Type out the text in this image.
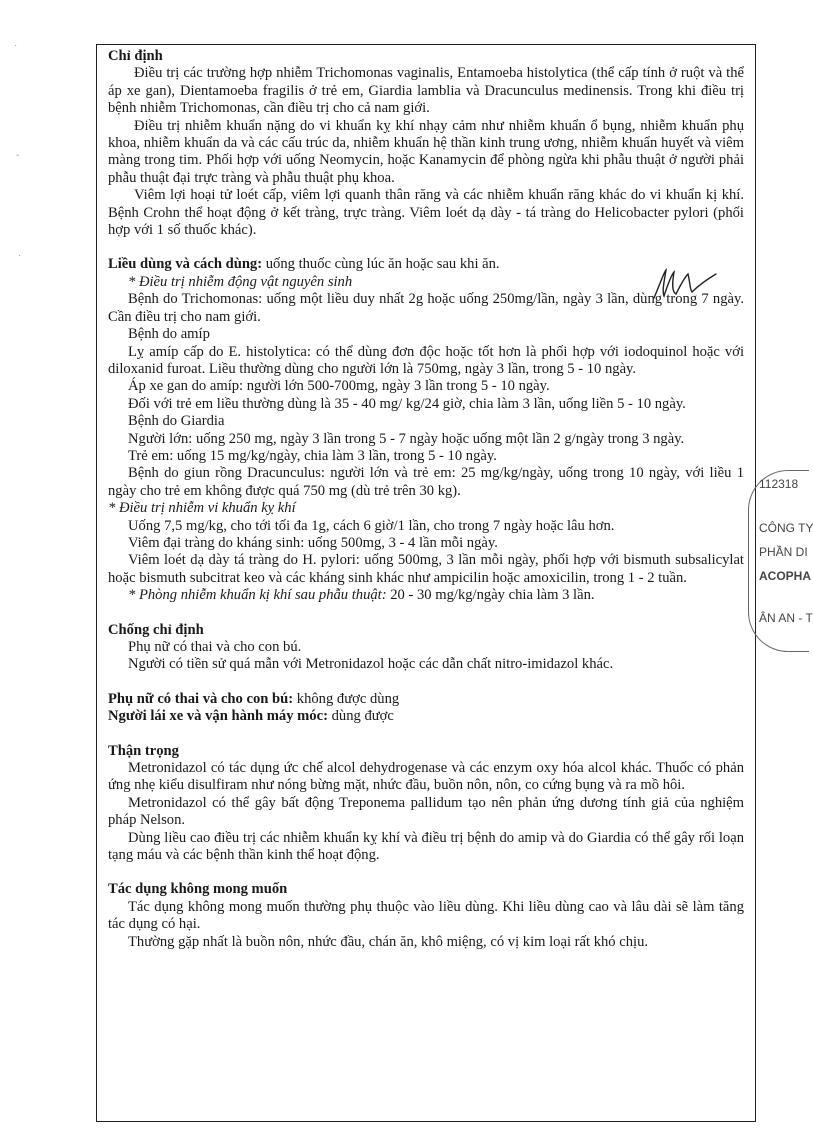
Chỉ định

Điều trị các trường hợp nhiễm Trichomonas vaginalis, Entamoeba histolytica (thể cấp tính ở ruột và thể áp xe gan), Dientamoeba fragilis ở trẻ em, Giardia lamblia và Dracunculus medinensis. Trong khi điều trị bệnh nhiễm Trichomonas, cần điều trị cho cả nam giới.

Điều trị nhiễm khuẩn nặng do vi khuẩn kỵ khí nhạy cảm như nhiễm khuẩn ổ bụng, nhiễm khuẩn phụ khoa, nhiễm khuẩn da và các cấu trúc da, nhiễm khuẩn hệ thần kinh trung ương, nhiễm khuẩn huyết và viêm màng trong tim. Phối hợp với uống Neomycin, hoặc Kanamycin để phòng ngừa khi phẫu thuật ở người phải phẫu thuật đại trực tràng và phẫu thuật phụ khoa.

Viêm lợi hoại tử loét cấp, viêm lợi quanh thân răng và các nhiễm khuẩn răng khác do vi khuẩn kị khí. Bệnh Crohn thể hoạt động ở kết tràng, trực tràng. Viêm loét dạ dày - tá tràng do Helicobacter pylori (phối hợp với 1 số thuốc khác).

Liều dùng và cách dùng: uống thuốc cùng lúc ăn hoặc sau khi ăn.

* Điều trị nhiễm động vật nguyên sinh

Bệnh do Trichomonas: uống một liều duy nhất 2g hoặc uống 250mg/lần, ngày 3 lần, dùng trong 7 ngày. Cần điều trị cho nam giới.

Bệnh do amíp

Lỵ amíp cấp do E. histolytica: có thể dùng đơn độc hoặc tốt hơn là phối hợp với iodoquinol hoặc với diloxanid furoat. Liều thường dùng cho người lớn là 750mg, ngày 3 lần, trong 5 - 10 ngày.

Áp xe gan do amíp: người lớn 500-700mg, ngày 3 lần trong 5 - 10 ngày.

Đối với trẻ em liều thường dùng là 35 - 40 mg/ kg/24 giờ, chia làm 3 lần, uống liền 5 - 10 ngày.

Bệnh do Giardia

Người lớn: uống 250 mg, ngày 3 lần trong 5 - 7 ngày hoặc uống một lần 2 g/ngày trong 3 ngày.

Trẻ em: uống 15 mg/kg/ngày, chia làm 3 lần, trong 5 - 10 ngày.

Bệnh do giun rồng Dracunculus: người lớn và trẻ em: 25 mg/kg/ngày, uống trong 10 ngày, với liều 1 ngày cho trẻ em không được quá 750 mg (dù trẻ trên 30 kg).

* Điều trị nhiễm vi khuẩn kỵ khí

Uống 7,5 mg/kg, cho tới tối đa 1g, cách 6 giờ/1 lần, cho trong 7 ngày hoặc lâu hơn.

Viêm đại tràng do kháng sinh: uống 500mg, 3 - 4 lần mỗi ngày.

Viêm loét dạ dày tá tràng do H. pylori: uống 500mg, 3 lần mỗi ngày, phối hợp với bismuth subsalicylat hoặc bismuth subcitrat keo và các kháng sinh khác như ampicilin hoặc amoxicilin, trong 1 - 2 tuần.

* Phòng nhiễm khuẩn kị khí sau phẫu thuật: 20 - 30 mg/kg/ngày chia làm 3 lần.

Chống chỉ định

Phụ nữ có thai và cho con bú.

Người có tiền sử quá mẫn với Metronidazol hoặc các dẫn chất nitro-imidazol khác.

Phụ nữ có thai và cho con bú: không được dùng

Người lái xe và vận hành máy móc: dùng được

Thận trọng

Metronidazol có tác dụng ức chế alcol dehydrogenase và các enzym oxy hóa alcol khác. Thuốc có phản ứng nhẹ kiểu disulfiram như nóng bừng mặt, nhức đầu, buồn nôn, nôn, co cứng bụng và ra mồ hôi.

Metronidazol có thể gây bất động Treponema pallidum tạo nên phản ứng dương tính giả của nghiệm pháp Nelson.

Dùng liều cao điều trị các nhiễm khuẩn kỵ khí và điều trị bệnh do amip và do Giardia có thể gây rối loạn tạng máu và các bệnh thần kinh thể hoạt động.

Tác dụng không mong muốn

Tác dụng không mong muốn thường phụ thuộc vào liều dùng. Khi liều dùng cao và lâu dài sẽ làm tăng tác dụng có hại.

Thường gặp nhất là buồn nôn, nhức đầu, chán ăn, khô miệng, có vị kim loại rất khó chịu.

112318
CÔNG TY
PHẦN DI
ACOPHA
ÂN AN - T
·
-
·
